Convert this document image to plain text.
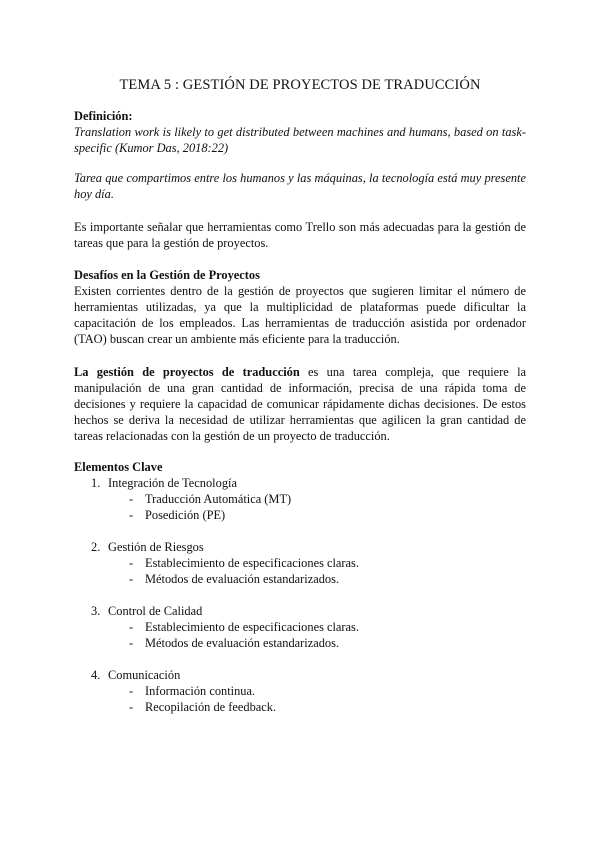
TEMA 5 : GESTIÓN DE PROYECTOS DE TRADUCCIÓN

Definición:

Translation work is likely to get distributed between machines and humans, based on task-specific (Kumor Das, 2018:22)

Tarea que compartimos entre los humanos y las máquinas, la tecnología está muy presente hoy día.

Es importante señalar que herramientas como Trello son más adecuadas para la gestión de tareas que para la gestión de proyectos.

Desafíos en la Gestión de Proyectos

Existen corrientes dentro de la gestión de proyectos que sugieren limitar el número de herramientas utilizadas, ya que la multiplicidad de plataformas puede dificultar la capacitación de los empleados. Las herramientas de traducción asistida por ordenador (TAO) buscan crear un ambiente más eficiente para la traducción.

La gestión de proyectos de traducción es una tarea compleja, que requiere la manipulación de una gran cantidad de información, precisa de una rápida toma de decisiones y requiere la capacidad de comunicar rápidamente dichas decisiones. De estos hechos se deriva la necesidad de utilizar herramientas que agilicen la gran cantidad de tareas relacionadas con la gestión de un proyecto de traducción.

Elementos Clave
1. Integración de Tecnología
- Traducción Automática (MT)
- Posedición (PE)
2. Gestión de Riesgos
- Establecimiento de especificaciones claras.
- Métodos de evaluación estandarizados.
3. Control de Calidad
- Establecimiento de especificaciones claras.
- Métodos de evaluación estandarizados.
4. Comunicación
- Información continua.
- Recopilación de feedback.
